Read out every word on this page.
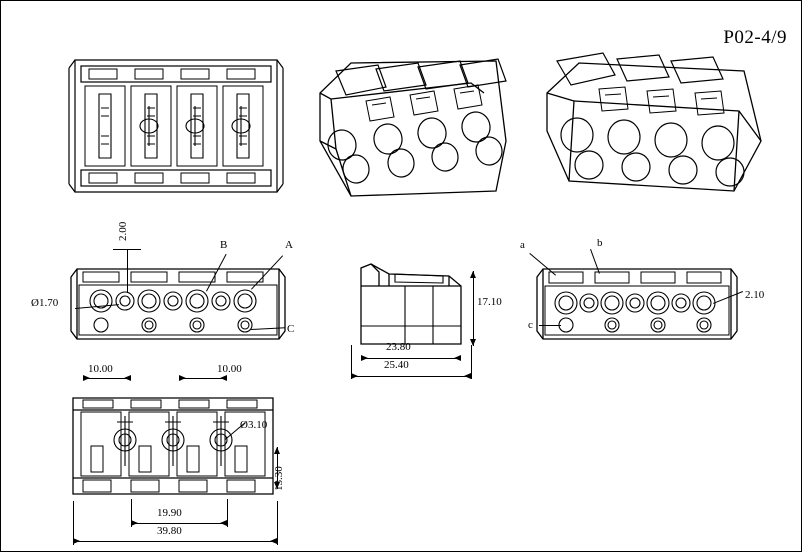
P02-4/9
2.00
A
B
C
Ø1.70	17.10
23.80
25.40
a	b
c
2.10
10.00	10.00
Ø3.10
13.30
19.90
39.80
